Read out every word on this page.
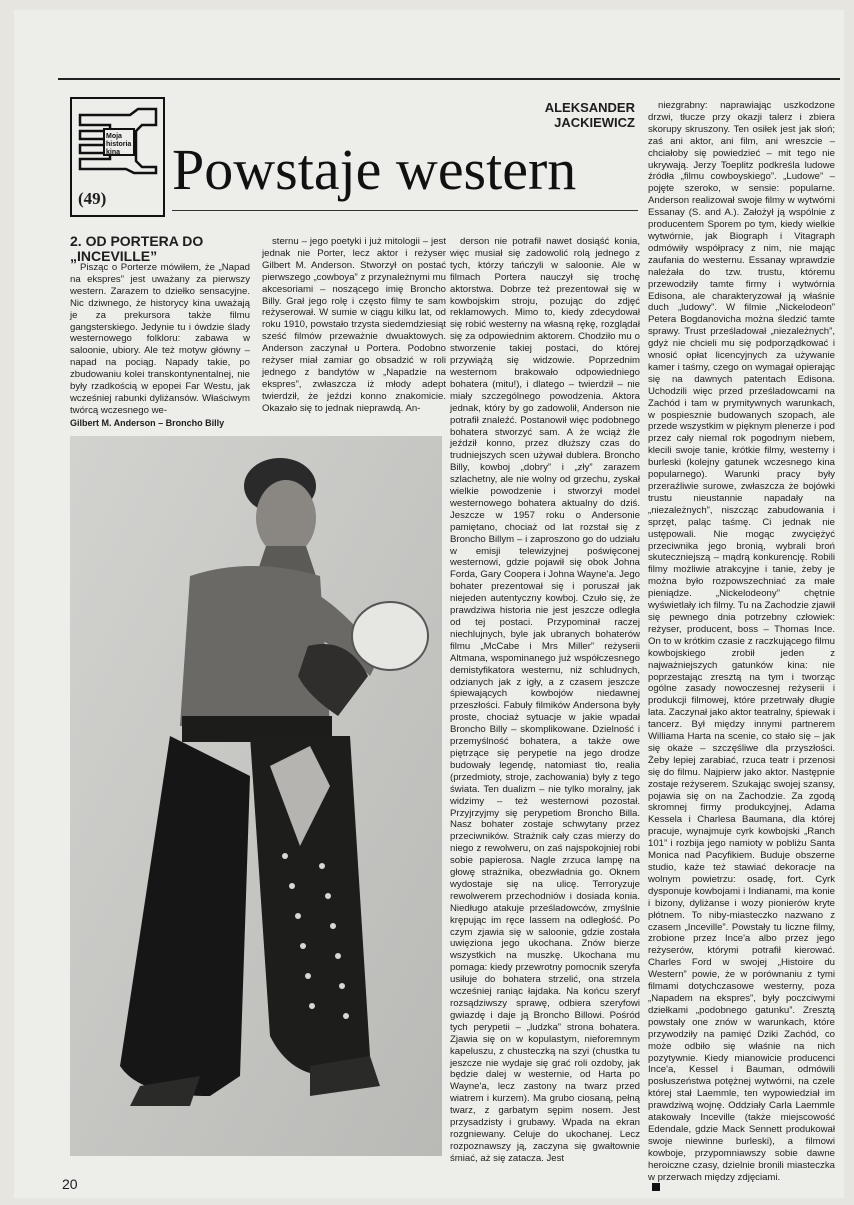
Moja
historia
kina
(49)
ALEKSANDER JACKIEWICZ
Powstaje western
2. OD PORTERA DO „INCEVILLE”

Pisząc o Porterze mówiłem, że „Napad na ekspres” jest uważany za pierwszy western. Zarazem to dziełko sensacyjne. Nic dziwnego, że historycy kina uważają je za prekursora także filmu gangsterskiego. Jedynie tu i ówdzie ślady westernowego folkloru: zabawa w saloonie, ubiory. Ale też motyw główny – napad na pociąg. Napady takie, po zbudowaniu kolei transkontynentalnej, nie były rzadkością w epopei Far Westu, jak wcześniej rabunki dyliżansów. Właściwym twórcą wczesnego we-

sternu – jego poetyki i już mitologii – jest jednak nie Porter, lecz aktor i reżyser Gilbert M. Anderson. Stworzył on postać pierwszego „cowboya” z przynależnymi mu akcesoriami – noszącego imię Broncho Billy. Grał jego rolę i często filmy te sam reżyserował. W sumie w ciągu kilku lat, od roku 1910, powstało trzysta siedemdziesiąt sześć filmów przeważnie dwuaktowych. Anderson zaczynał u Portera. Podobno reżyser miał zamiar go obsadzić w roli jednego z bandytów w „Napadzie na ekspres”, zwłaszcza iż młody adept twierdził, że jeździ konno znakomicie. Okazało się to jednak nieprawdą. An-

derson nie potrafił nawet dosiąść konia, więc musiał się zadowolić rolą jednego z tych, którzy tańczyli w saloonie. Ale w filmach Portera nauczył się trochę aktorstwa. Dobrze też prezentował się w kowbojskim stroju, pozując do zdjęć reklamowych. Mimo to, kiedy zdecydował się robić westerny na własną rękę, rozglądał się za odpowiednim aktorem. Chodziło mu o stworzenie takiej postaci, do której przywiążą się widzowie. Poprzednim westernom brakowało odpowiedniego bohatera (mitu!), i dlatego – twierdził – nie miały szczególnego powodzenia. Aktora jednak, który by go zadowolił, Anderson nie potrafił znaleźć. Postanowił więc podobnego bohatera stworzyć sam. A że wciąż źle jeździł konno, przez dłuższy czas do trudniejszych scen używał dublera. Broncho Billy, kowboj „dobry” i „zły” zarazem szlachetny, ale nie wolny od grzechu, zyskał wielkie powodzenie i stworzył model westernowego bohatera aktualny do dziś. Jeszcze w 1957 roku o Andersonie pamiętano, chociaż od lat rozstał się z Broncho Billym – i zaproszono go do udziału w emisji telewizyjnej poświęconej westernowi, gdzie pojawił się obok Johna Forda, Gary Coopera i Johna Wayne'a. Jego bohater prezentował się i poruszał jak niejeden autentyczny kowboj. Czuło się, że prawdziwa historia nie jest jeszcze odległa od tej postaci. Przypominał raczej niechlujnych, byle jak ubranych bohaterów filmu „McCabe i Mrs Miller” reżyserii Altmana, wspominanego już współczesnego demistyfikatora westernu, niż schludnych, odzianych jak z igły, a z czasem jeszcze śpiewających kowbojów niedawnej przeszłości. Fabuły filmików Andersona były proste, chociaż sytuacje w jakie wpadał Broncho Billy – skomplikowane. Dzielność i przemyślność bohatera, a także owe piętrzące się perypetie na jego drodze budowały legendę, natomiast tło, realia (przedmioty, stroje, zachowania) były z tego świata. Ten dualizm – nie tylko moralny, jak widzimy – też westernowi pozostał. Przyjrzyjmy się perypetiom Broncho Billa. Nasz bohater zostaje schwytany przez przeciwników. Strażnik cały czas mierzy do niego z rewolweru, on zaś najspokojniej robi sobie papierosa. Nagle zrzuca lampę na głowę strażnika, obezwładnia go. Oknem wydostaje się na ulicę. Terroryzuje rewolwerem przechodniów i dosiada konia. Niedługo atakuje prześladowców, zmyślnie krępując im ręce lassem na odległość. Po czym zjawia się w saloonie, gdzie została uwięziona jego ukochana. Znów bierze wszystkich na muszkę. Ukochana mu pomaga: kiedy przewrotny pomocnik szeryfa usiłuje do bohatera strzelić, ona strzela wcześniej raniąc łajdaka. Na końcu szeryf rozsądziwszy sprawę, odbiera szeryfowi gwiazdę i daje ją Broncho Billowi. Pośród tych perypetii – „ludzka” strona bohatera. Zjawia się on w kopulastym, nieforemnym kapeluszu, z chusteczką na szyi (chustka tu jeszcze nie wydaje się grać roli ozdoby, jak będzie dalej w westernie, od Harta po Wayne'a, lecz zastony na twarz przed wiatrem i kurzem). Ma grubo ciosaną, pełną twarz, z garbatym sępim nosem. Jest przysadzisty i grubawy. Wpada na ekran rozgniewany. Celuje do ukochanej. Lecz rozpoznawszy ją, zaczyna się gwałtownie śmiać, aż się zatacza. Jest

niezgrabny: naprawiając uszkodzone drzwi, tłucze przy okazji talerz i zbiera skorupy skruszony. Ten osiłek jest jak słoń; zaś ani aktor, ani film, ani wreszcie – chciałoby się powiedzieć – mit tego nie ukrywają. Jerzy Toeplitz podkreśla ludowe źródła „filmu cowboyskiego”. „Ludowe” – pojęte szeroko, w sensie: popularne. Anderson realizował swoje filmy w wytwórni Essanay (S. and A.). Założył ją wspólnie z producentem Sporem po tym, kiedy wielkie wytwórnie, jak Biograph i Vitagraph odmówiły współpracy z nim, nie mając zaufania do westernu. Essanay wprawdzie należała do tzw. trustu, któremu przewodziły tamte firmy i wytwórnia Edisona, ale charakteryzował ją właśnie duch „ludowy”. W filmie „Nickelodeon” Petera Bogdanovicha można śledzić tamte sprawy. Trust prześladował „niezależnych”, gdyż nie chcieli mu się podporządkować i wnosić opłat licencyjnych za używanie kamer i taśmy, czego on wymagał opierając się na dawnych patentach Edisona. Uchodzili więc przed prześladowcami na Zachód i tam w prymitywnych warunkach, w pospiesznie budowanych szopach, ale przede wszystkim w pięknym plenerze i pod przez cały niemal rok pogodnym niebem, klecili swoje tanie, krótkie filmy, westerny i burleski (kolejny gatunek wczesnego kina popularnego). Warunki pracy były przeraźliwie surowe, zwłaszcza że bojówki trustu nieustannie napadały na „niezależnych”, niszcząc zabudowania i sprzęt, paląc taśmę. Ci jednak nie ustępowali. Nie mogąc zwyciężyć przeciwnika jego bronią, wybrali broń skuteczniejszą – mądrą konkurencję. Robili filmy możliwie atrakcyjne i tanie, żeby je można było rozpowszechniać za małe pieniądze. „Nickelodeony” chętnie wyświetlały ich filmy. Tu na Zachodzie zjawił się pewnego dnia potrzebny człowiek: reżyser, producent, boss – Thomas Ince. On to w krótkim czasie z raczkującego filmu kowbojskiego zrobił jeden z najważniejszych gatunków kina: nie poprzestając zresztą na tym i tworząc ogólne zasady nowoczesnej reżyserii i produkcji filmowej, które przetrwały długie lata. Zaczynał jako aktor teatralny, śpiewak i tancerz. Był między innymi partnerem Williama Harta na scenie, co stało się – jak się okaże – szczęśliwe dla przyszłości. Żeby lepiej zarabiać, rzuca teatr i przenosi się do filmu. Najpierw jako aktor. Następnie zostaje reżyserem. Szukając swojej szansy, pojawia się on na Zachodzie. Za zgodą skromnej firmy produkcyjnej, Adama Kessela i Charlesa Baumana, dla której pracuje, wynajmuje cyrk kowbojski „Ranch 101” i rozbija jego namioty w pobliżu Santa Monica nad Pacyfikiem. Buduje obszerne studio, każe też stawiać dekoracje na wolnym powietrzu: osadę, fort. Cyrk dysponuje kowbojami i Indianami, ma konie i bizony, dyliżanse i wozy pionierów kryte płótnem. To niby-miasteczko nazwano z czasem „Inceville”. Powstały tu liczne filmy, zrobione przez Ince'a albo przez jego reżyserów, którymi potrafił kierować. Charles Ford w swojej „Histoire du Western” powie, że w porównaniu z tymi filmami dotychczasowe westerny, poza „Napadem na ekspres”, były poczciwymi dziełkami „podobnego gatunku”. Zresztą powstały one znów w warunkach, które przywodziły na pamięć Dziki Zachód, co może odbiło się właśnie na nich pozytywnie. Kiedy mianowicie producenci Ince'a, Kessel i Bauman, odmówili posłuszeństwa potężnej wytwórni, na czele której stał Laemmle, ten wypowiedział im prawdziwą wojnę. Oddziały Carla Laemmle atakowały Inceville (także miejscowość Edendale, gdzie Mack Sennett produkował swoje niewinne burleski), a filmowi kowboje, przypomniawszy sobie dawne heroiczne czasy, dzielnie bronili miasteczka w przerwach między zdjęciami.

Gilbert M. Anderson – Broncho Billy
20
